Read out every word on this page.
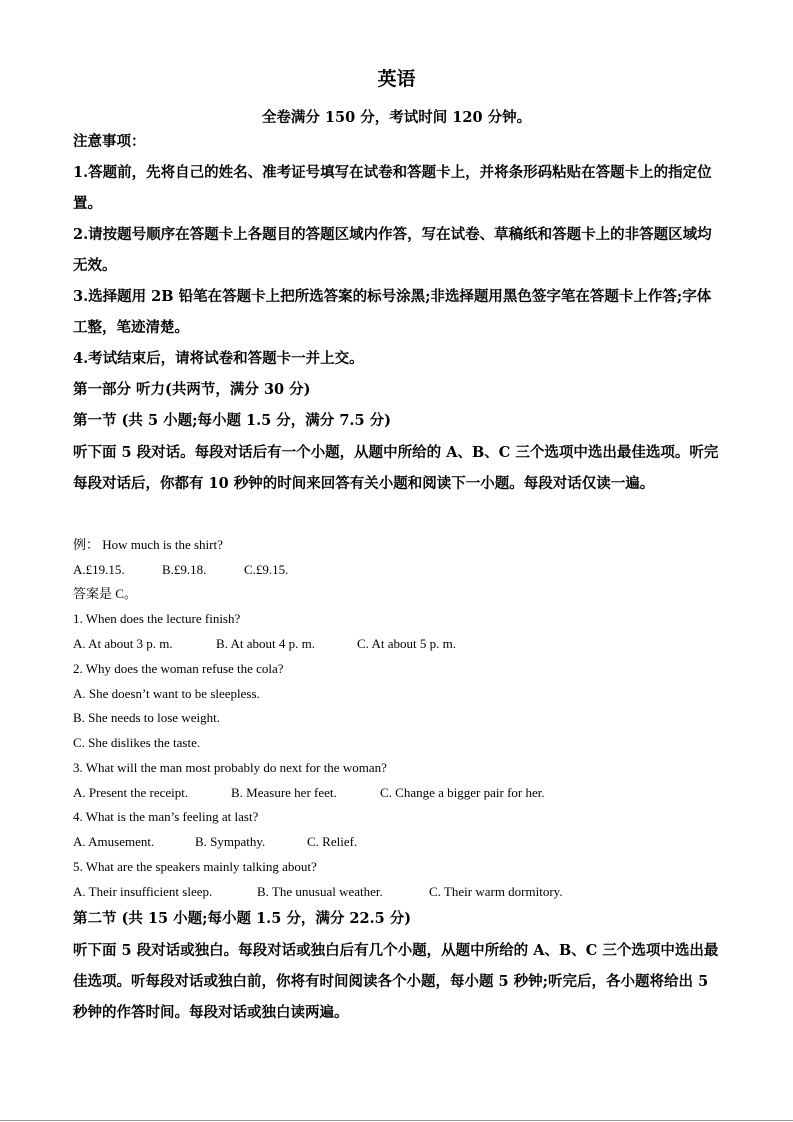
英语
全卷满分 150 分，考试时间 120 分钟。
注意事项：
1.答题前，先将自己的姓名、准考证号填写在试卷和答题卡上，并将条形码粘贴在答题卡上的指定位置。
2.请按题号顺序在答题卡上各题目的答题区域内作答，写在试卷、草稿纸和答题卡上的非答题区域均无效。
3.选择题用 2B 铅笔在答题卡上把所选答案的标号涂黑;非选择题用黑色签字笔在答题卡上作答;字体工整，笔迹清楚。
4.考试结束后，请将试卷和答题卡一并上交。
第一部分 听力(共两节，满分 30 分)
第一节 (共 5 小题;每小题 1.5 分，满分 7.5 分)
听下面 5 段对话。每段对话后有一个小题，从题中所给的 A、B、C 三个选项中选出最佳选项。听完每段对话后，你都有 10 秒钟的时间来回答有关小题和阅读下一小题。每段对话仅读一遍。
例： How much is the shirt?
A.£19.15.	B.£9.18.	C.£9.15.
答案是 C。
1. When does the lecture finish?
A. At about 3 p. m.	B. At about 4 p. m.	C. At about 5 p. m.
2. Why does the woman refuse the cola?
A. She doesn’t want to be sleepless.
B. She needs to lose weight.
C. She dislikes the taste.
3. What will the man most probably do next for the woman?
A. Present the receipt.	B. Measure her feet.	C. Change a bigger pair for her.
4. What is the man’s feeling at last?
A. Amusement.	B. Sympathy.	C. Relief.
5. What are the speakers mainly talking about?
A. Their insufficient sleep.	B. The unusual weather.	C. Their warm dormitory.
第二节 (共 15 小题;每小题 1.5 分，满分 22.5 分)
听下面 5 段对话或独白。每段对话或独白后有几个小题，从题中所给的 A、B、C 三个选项中选出最佳选项。听每段对话或独白前，你将有时间阅读各个小题，每小题 5 秒钟;听完后，各小题将给出 5 秒钟的作答时间。每段对话或独白读两遍。
